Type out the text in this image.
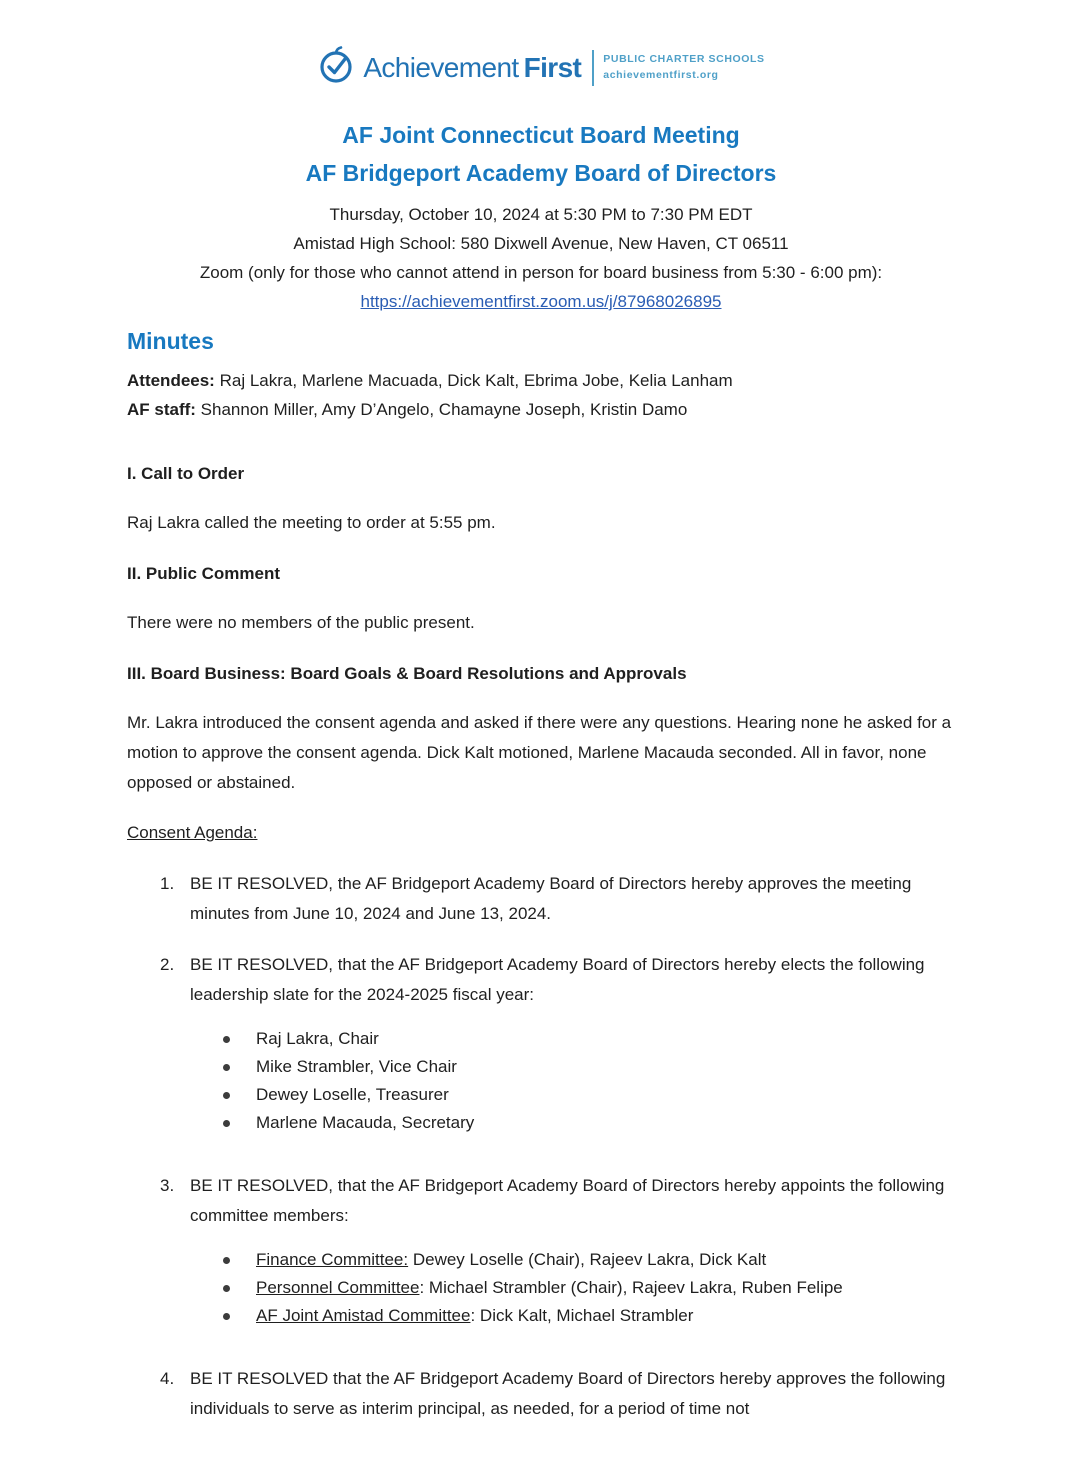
Achievement First PUBLIC CHARTER SCHOOLS
achievementfirst.org
AF Joint Connecticut Board Meeting
AF Bridgeport Academy Board of Directors

Thursday, October 10, 2024 at 5:30 PM to 7:30 PM EDT

Amistad High School: 580 Dixwell Avenue, New Haven, CT 06511

Zoom (only for those who cannot attend in person for board business from 5:30 - 6:00 pm):

https://achievementfirst.zoom.us/j/87968026895

Minutes

Attendees: Raj Lakra, Marlene Macuada, Dick Kalt, Ebrima Jobe, Kelia Lanham

AF staff: Shannon Miller, Amy D’Angelo, Chamayne Joseph, Kristin Damo

I. Call to Order

Raj Lakra called the meeting to order at 5:55 pm.

II. Public Comment

There were no members of the public present.

III. Board Business: Board Goals & Board Resolutions and Approvals

Mr. Lakra introduced the consent agenda and asked if there were any questions. Hearing none he asked for a motion to approve the consent agenda. Dick Kalt motioned, Marlene Macauda seconded. All in favor, none opposed or abstained.

Consent Agenda:

1. BE IT RESOLVED, the AF Bridgeport Academy Board of Directors hereby approves the meeting minutes from June 10, 2024 and June 13, 2024.
2. BE IT RESOLVED, that the AF Bridgeport Academy Board of Directors hereby elects the following leadership slate for the 2024-2025 fiscal year:
Raj Lakra, Chair
Mike Strambler, Vice Chair
Dewey Loselle, Treasurer
Marlene Macauda, Secretary
3. BE IT RESOLVED, that the AF Bridgeport Academy Board of Directors hereby appoints the following committee members:
Finance Committee: Dewey Loselle (Chair), Rajeev Lakra, Dick Kalt
Personnel Committee: Michael Strambler (Chair), Rajeev Lakra, Ruben Felipe
AF Joint Amistad Committee: Dick Kalt, Michael Strambler
4. BE IT RESOLVED that the AF Bridgeport Academy Board of Directors hereby approves the following individuals to serve as interim principal, as needed, for a period of time not
